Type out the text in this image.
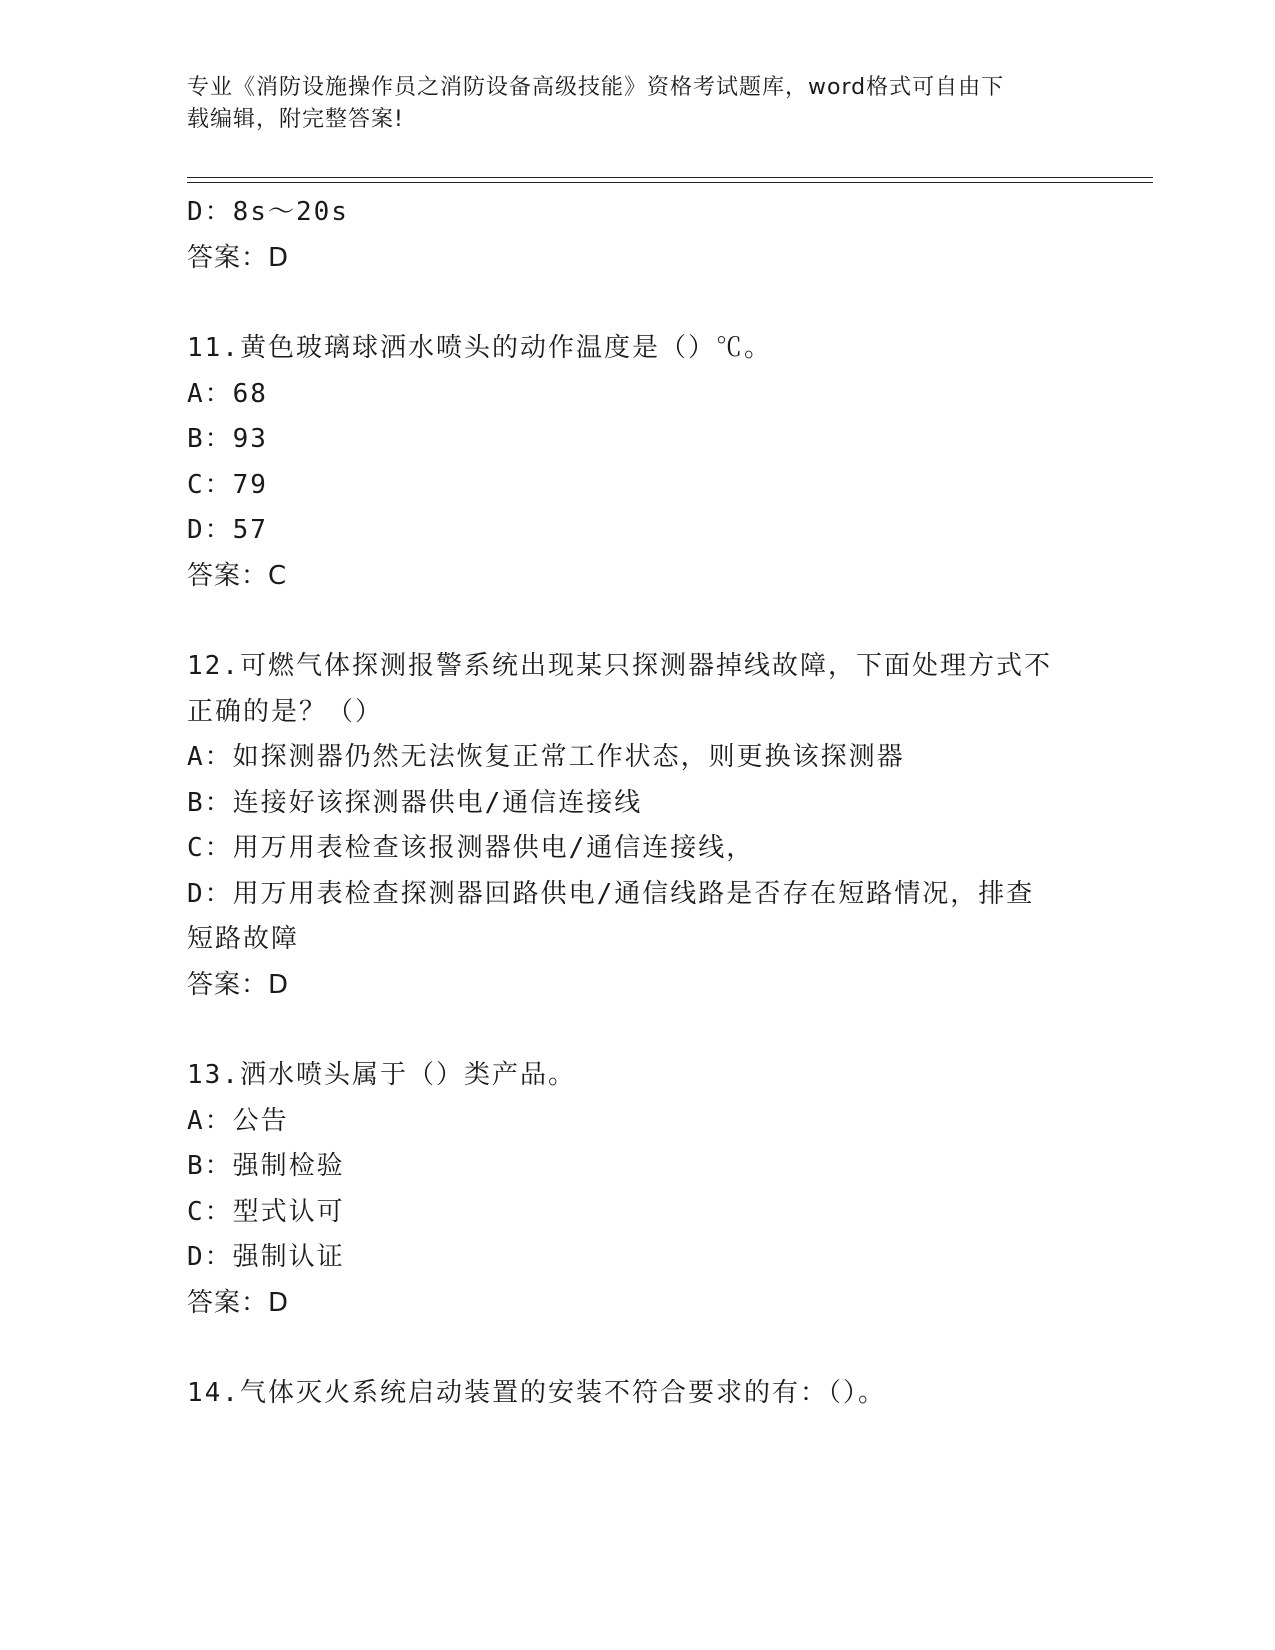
专业《消防设施操作员之消防设备高级技能》资格考试题库，word格式可自由下
载编辑，附完整答案!
D：8s～20s
答案：D
11.黄色玻璃球洒水喷头的动作温度是（）℃。
A：68
B：93
C：79
D：57
答案：C
12.可燃气体探测报警系统出现某只探测器掉线故障，下面处理方式不
正确的是？（）
A：如探测器仍然无法恢复正常工作状态，则更换该探测器
B：连接好该探测器供电/通信连接线
C：用万用表检查该报测器供电/通信连接线，
D：用万用表检查探测器回路供电/通信线路是否存在短路情况，排查
短路故障
答案：D
13.洒水喷头属于（）类产品。
A：公告
B：强制检验
C：型式认可
D：强制认证
答案：D
14.气体灭火系统启动装置的安装不符合要求的有：（）。
